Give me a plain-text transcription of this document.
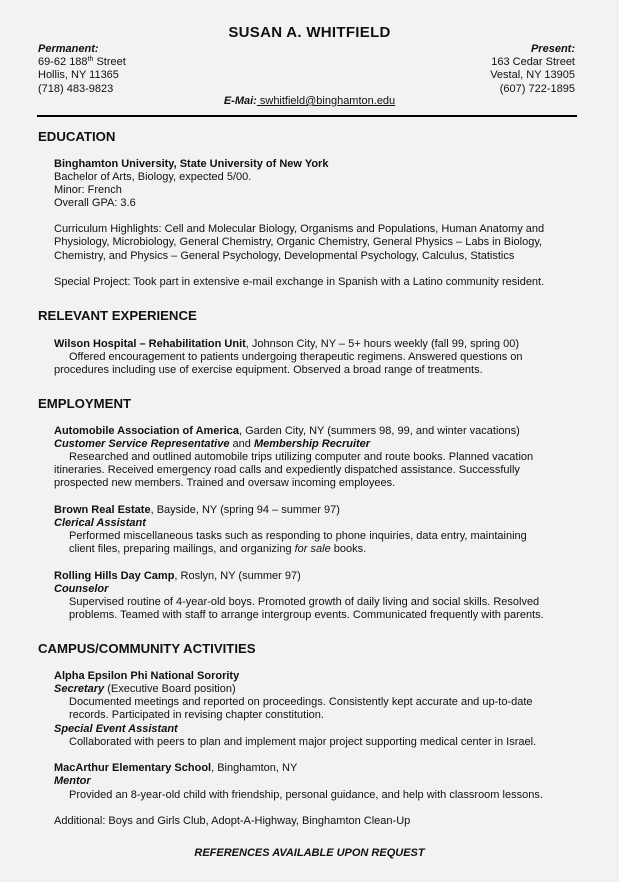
SUSAN A. WHITFIELD
Permanent:
69-62 188th Street
Hollis, NY 11365
(718) 483-9823
Present:
163 Cedar Street
Vestal, NY 13905
(607) 722-1895
E-Mai: swhitfield@binghamton.edu
EDUCATION
Binghamton University, State University of New York
Bachelor of Arts, Biology, expected 5/00.
Minor: French
Overall GPA: 3.6
Curriculum Highlights: Cell and Molecular Biology, Organisms and Populations, Human Anatomy and
Physiology, Microbiology, General Chemistry, Organic Chemistry, General Physics – Labs in Biology,
Chemistry, and Physics – General Psychology, Developmental Psychology, Calculus, Statistics
Special Project: Took part in extensive e-mail exchange in Spanish with a Latino community resident.
RELEVANT EXPERIENCE
Wilson Hospital – Rehabilitation Unit, Johnson City, NY – 5+ hours weekly (fall 99, spring 00)
Offered encouragement to patients undergoing therapeutic regimens. Answered questions on
procedures including use of exercise equipment. Observed a broad range of treatments.
EMPLOYMENT
Automobile Association of America, Garden City, NY (summers 98, 99, and winter vacations)
Customer Service Representative and Membership Recruiter
Researched and outlined automobile trips utilizing computer and route books. Planned vacation
itineraries. Received emergency road calls and expediently dispatched assistance. Successfully
prospected new members. Trained and oversaw incoming employees.
Brown Real Estate, Bayside, NY (spring 94 – summer 97)
Clerical Assistant
Performed miscellaneous tasks such as responding to phone inquiries, data entry, maintaining
client files, preparing mailings, and organizing for sale books.
Rolling Hills Day Camp, Roslyn, NY (summer 97)
Counselor
Supervised routine of 4-year-old boys. Promoted growth of daily living and social skills. Resolved
problems. Teamed with staff to arrange intergroup events. Communicated frequently with parents.
CAMPUS/COMMUNITY ACTIVITIES
Alpha Epsilon Phi National Sorority
Secretary (Executive Board position)
Documented meetings and reported on proceedings. Consistently kept accurate and up-to-date
records. Participated in revising chapter constitution.
Special Event Assistant
Collaborated with peers to plan and implement major project supporting medical center in Israel.
MacArthur Elementary School, Binghamton, NY
Mentor
Provided an 8-year-old child with friendship, personal guidance, and help with classroom lessons.
Additional: Boys and Girls Club, Adopt-A-Highway, Binghamton Clean-Up
REFERENCES AVAILABLE UPON REQUEST
